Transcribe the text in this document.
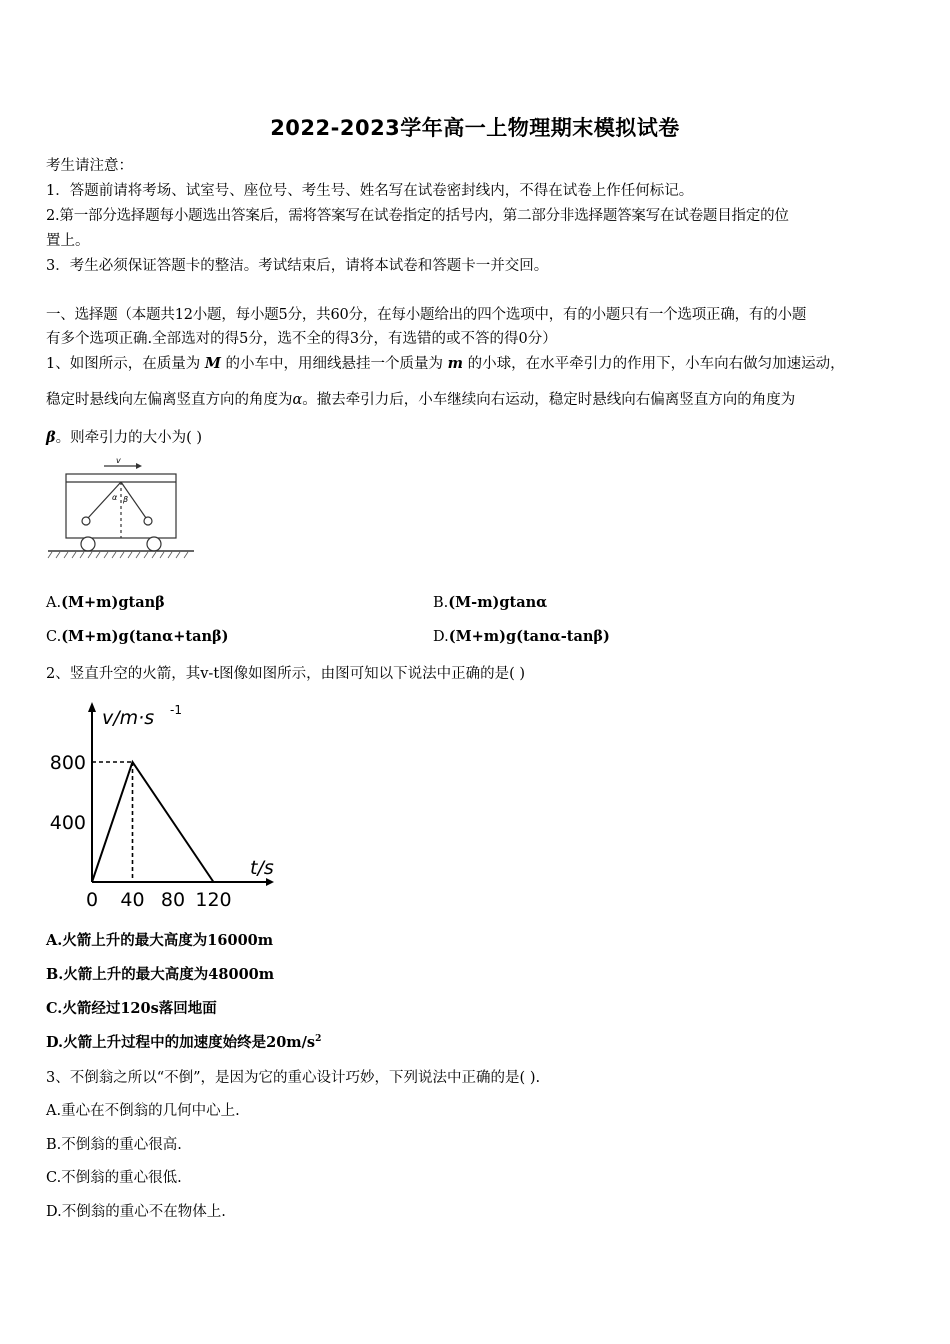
2022-2023学年高一上物理期末模拟试卷
考生请注意：
1．答题前请将考场、试室号、座位号、考生号、姓名写在试卷密封线内，不得在试卷上作任何标记。
2.第一部分选择题每小题选出答案后，需将答案写在试卷指定的括号内，第二部分非选择题答案写在试卷题目指定的位
置上。
3．考生必须保证答题卡的整洁。考试结束后，请将本试卷和答题卡一并交回。
一、选择题（本题共12小题，每小题5分，共60分，在每小题给出的四个选项中，有的小题只有一个选项正确，有的小题
有多个选项正确.全部选对的得5分，选不全的得3分，有选错的或不答的得0分）
1、如图所示，在质量为 M 的小车中，用细线悬挂一个质量为 m 的小球，在水平牵引力的作用下，小车向右做匀加速运动，
稳定时悬线向左偏离竖直方向的角度为α。撤去牵引力后，小车继续向右运动，稳定时悬线向右偏离竖直方向的角度为
β。则牵引力的大小为( )
v
α β
A.(M+m)gtanβ	B.(M-m)gtanα
C.(M+m)g(tanα+tanβ)	D.(M+m)g(tanα-tanβ)
2、竖直升空的火箭，其v-t图像如图所示，由图可知以下说法中正确的是( )
0 40 80 120
400
800
v/m·s -1
t/s
A.火箭上升的最大高度为16000m
B.火箭上升的最大高度为48000m
C.火箭经过120s落回地面
D.火箭上升过程中的加速度始终是$20m/s^2$
3、不倒翁之所以“不倒”，是因为它的重心设计巧妙，下列说法中正确的是( ).
A.重心在不倒翁的几何中心上.
B.不倒翁的重心很高.
C.不倒翁的重心很低.
D.不倒翁的重心不在物体上.
